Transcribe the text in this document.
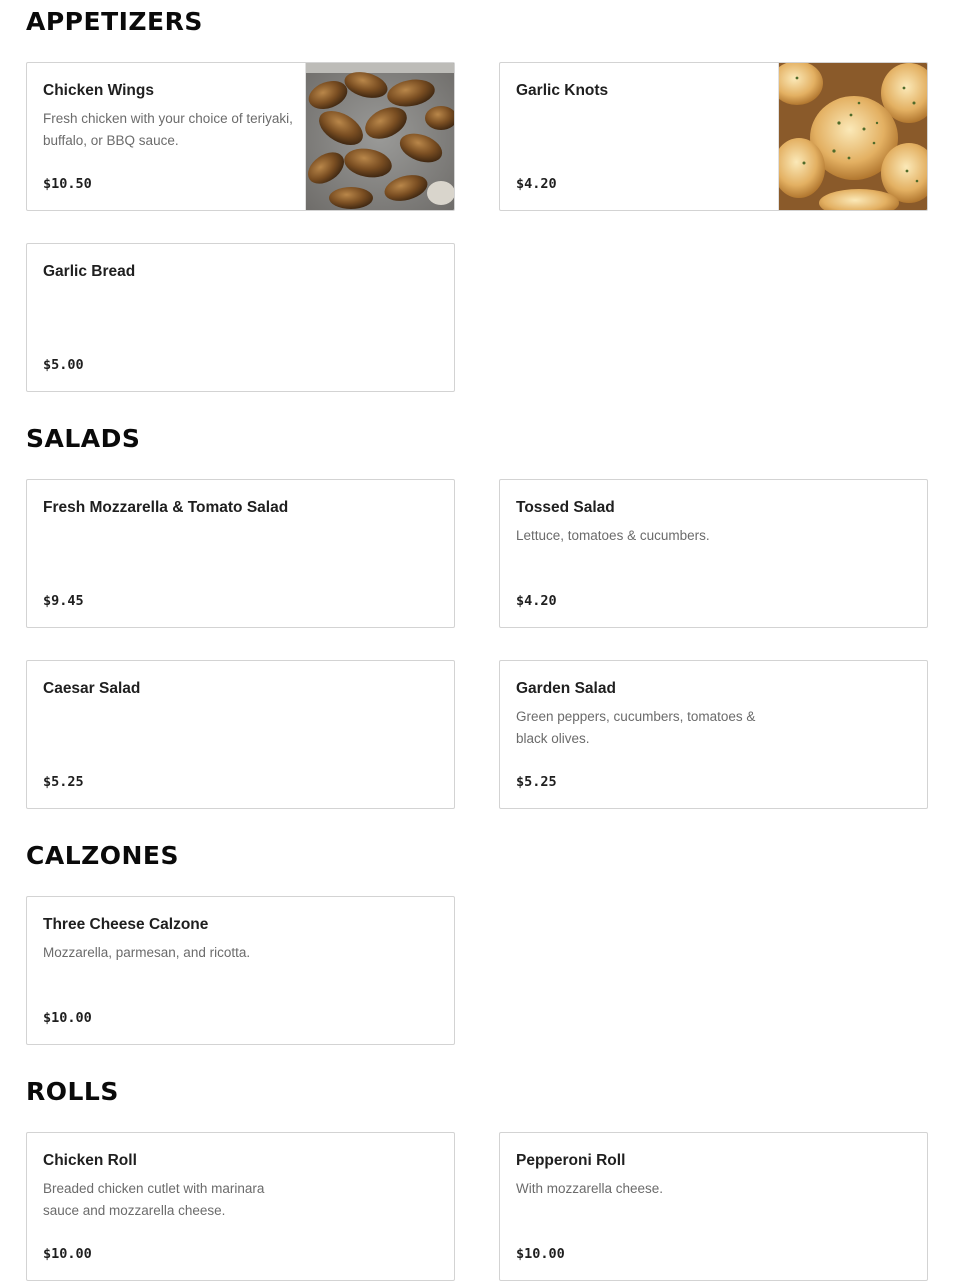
APPETIZERS
Chicken Wings
Fresh chicken with your choice of teriyaki, buffalo, or BBQ sauce.
$10.50
Garlic Knots
$4.20
Garlic Bread
$5.00
SALADS
Fresh Mozzarella & Tomato Salad
$9.45
Tossed Salad
Lettuce, tomatoes & cucumbers.
$4.20
Caesar Salad
$5.25
Garden Salad
Green peppers, cucumbers, tomatoes & black olives.
$5.25
CALZONES
Three Cheese Calzone
Mozzarella, parmesan, and ricotta.
$10.00
ROLLS
Chicken Roll
Breaded chicken cutlet with marinara sauce and mozzarella cheese.
$10.00
Pepperoni Roll
With mozzarella cheese.
$10.00
